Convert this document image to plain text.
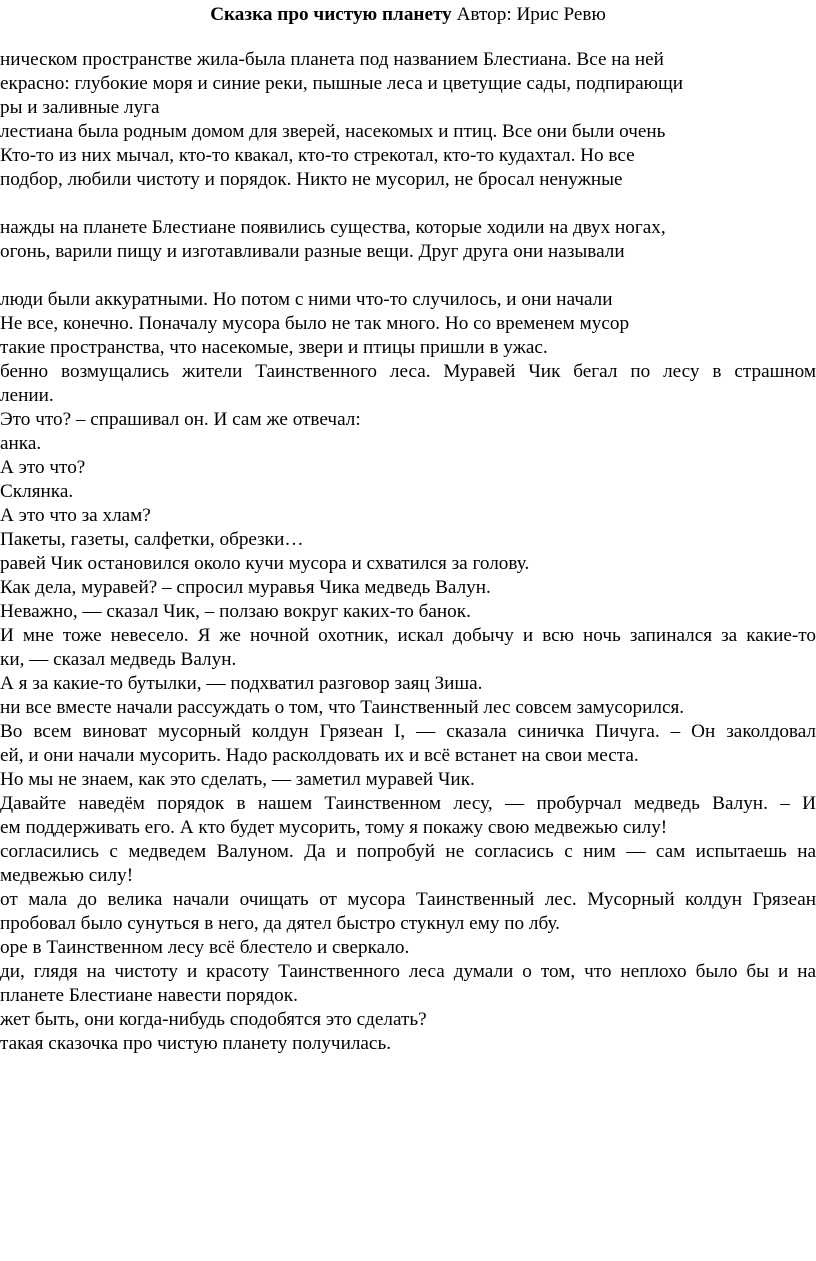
Сказка про чистую планету Автор: Ирис Ревю
ническом пространстве жила-была планета под названием Блестиана. Все на ней
екрасно: глубокие моря и синие реки, пышные леса и цветущие сады, подпирающи
ры и заливные луга
лестиана была родным домом для зверей, насекомых и птиц. Все они были очень
Кто-то из них мычал, кто-то квакал, кто-то стрекотал, кто-то кудахтал. Но все
подбор, любили чистоту и порядок. Никто не мусорил, не бросал ненужные
нажды на планете Блестиане появились существа, которые ходили на двух ногах,
огонь, варили пищу и изготавливали разные вещи. Друг друга они называли
люди были аккуратными. Но потом с ними что-то случилось, и они начали
Не все, конечно. Поначалу мусора было не так много. Но со временем мусор
такие пространства, что насекомые, звери и птицы пришли в ужас.
бенно возмущались жители Таинственного леса. Муравей Чик бегал по лесу в страшном
лении.
Это что? – спрашивал он. И сам же отвечал:
анка.
А это что?
Склянка.
А это что за хлам?
Пакеты, газеты, салфетки, обрезки…
равей Чик остановился около кучи мусора и схватился за голову.
Как дела, муравей? – спросил муравья Чика медведь Валун.
Неважно, — сказал Чик, – ползаю вокруг каких-то банок.
И мне тоже невесело. Я же ночной охотник, искал добычу и всю ночь запинался за какие-то
ки, — сказал медведь Валун.
А я за какие-то бутылки, — подхватил разговор заяц Зиша.
ни все вместе начали рассуждать о том, что Таинственный лес совсем замусорился.
Во всем виноват мусорный колдун Грязеан I, — сказала синичка Пичуга. – Он заколдовал
ей, и они начали мусорить. Надо расколдовать их и всё встанет на свои места.
Но мы не знаем, как это сделать, — заметил муравей Чик.
Давайте наведём порядок в нашем Таинственном лесу, — пробурчал медведь Валун. – И
ем поддерживать его. А кто будет мусорить, тому я покажу свою медвежью силу!
согласились с медведем Валуном. Да и попробуй не согласись с ним — сам испытаешь на
медвежью силу!
от мала до велика начали очищать от мусора Таинственный лес. Мусорный колдун Грязеан
пробовал было сунуться в него, да дятел быстро стукнул ему по лбу.
оре в Таинственном лесу всё блестело и сверкало.
ди, глядя на чистоту и красоту Таинственного леса думали о том, что неплохо было бы и на
планете Блестиане навести порядок.
жет быть, они когда-нибудь сподобятся это сделать?
такая сказочка про чистую планету получилась.
